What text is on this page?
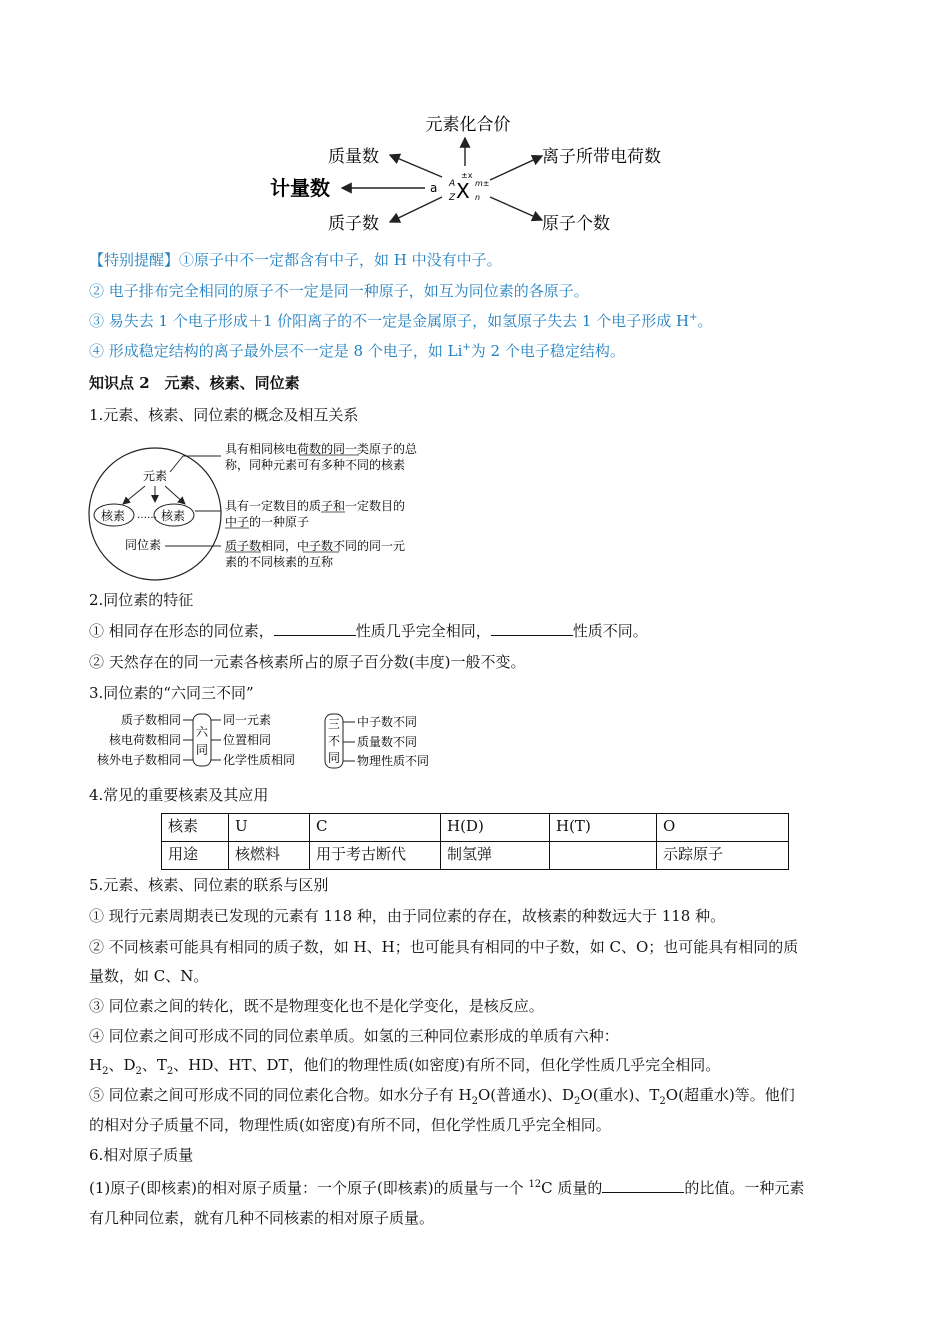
元素化合价
质量数
计量数
质子数
离子所带电荷数
原子个数
a A
Z X
±x
m±
n
【特别提醒】①原子中不一定都含有中子，如 H 中没有中子。
② 电子排布完全相同的原子不一定是同一种原子，如互为同位素的各原子。
③ 易失去 1 个电子形成＋1 价阳离子的不一定是金属原子，如氢原子失去 1 个电子形成 H+。
④ 形成稳定结构的离子最外层不一定是 8 个电子，如 Li+为 2 个电子稳定结构。
知识点 2　元素、核素、同位素
1.元素、核素、同位素的概念及相互关系
元素
核素 …… 核素
同位素
具有相同核电荷数的同一类原子的总
称，同种元素可有多种不同的核素
具有一定数目的质子和一定数目的
中子的一种原子
质子数相同，中子数不同的同一元
素的不同核素的互称
2.同位素的特征
① 相同存在形态的同位素，	性质几乎完全相同，	性质不同。
② 天然存在的同一元素各核素所占的原子百分数(丰度)一般不变。
3.同位素的“六同三不同”
质子数相同
核电荷数相同
核外电子数相同
六
同
同一元素
位置相同
化学性质相同
三
不
同
中子数不同
质量数不同
物理性质不同
4.常见的重要核素及其应用
核素	U	C	H(D)	H(T)	O
用途	核燃料	用于考古断代	制氢弹		示踪原子
5.元素、核素、同位素的联系与区别
① 现行元素周期表已发现的元素有 118 种，由于同位素的存在，故核素的种数远大于 118 种。
② 不同核素可能具有相同的质子数，如 H、H；也可能具有相同的中子数，如 C、O；也可能具有相同的质
量数，如 C、N。
③ 同位素之间的转化，既不是物理变化也不是化学变化，是核反应。
④ 同位素之间可形成不同的同位素单质。如氢的三种同位素形成的单质有六种：
$H_2$、$D_2$、$T_2$、HD、HT、DT，他们的物理性质(如密度)有所不同，但化学性质几乎完全相同。
⑤ 同位素之间可形成不同的同位素化合物。如水分子有 $H_2O$(普通水)、$D_2O$(重水)、$T_2O$(超重水)等。他们
的相对分子质量不同，物理性质(如密度)有所不同，但化学性质几乎完全相同。
6.相对原子质量
(1)原子(即核素)的相对原子质量：一个原子(即核素)的质量与一个 $^{12}$C 质量的	的比值。一种元素
有几种同位素，就有几种不同核素的相对原子质量。
